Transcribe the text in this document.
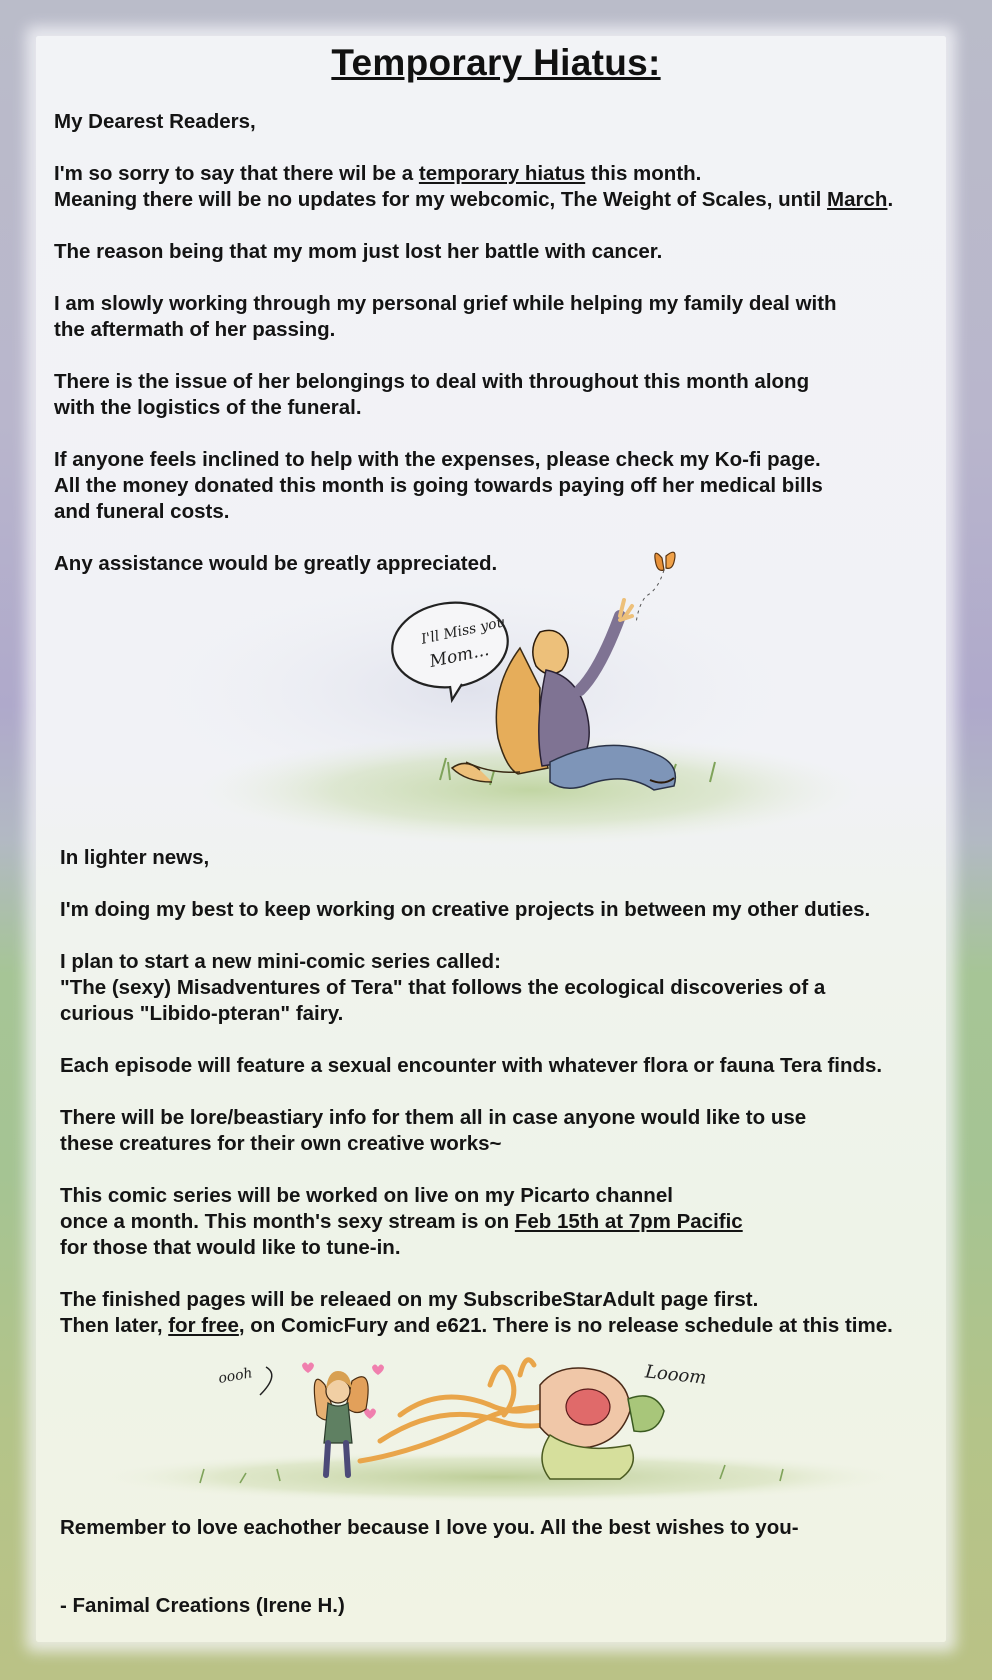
Temporary Hiatus:

My Dearest Readers,

I'm so sorry to say that there wil be a temporary hiatus this month.

Meaning there will be no updates for my webcomic, The Weight of Scales, until March.

The reason being that my mom just lost her battle with cancer.

I am slowly working through my personal grief while helping my family deal with

the aftermath of her passing.

There is the issue of her belongings to deal with throughout this month along

with the logistics of the funeral.

If anyone feels inclined to help with the expenses, please check my Ko-fi page.

All the money donated this month is going towards paying off her medical bills

and funeral costs.

Any assistance would be greatly appreciated.

I'll Miss you
Mom...

In lighter news,

I'm doing my best to keep working on creative projects in between my other duties.

I plan to start a new mini-comic series called:

"The (sexy) Misadventures of Tera" that follows the ecological discoveries of a

curious "Libido-pteran" fairy.

Each episode will feature a sexual encounter with whatever flora or fauna Tera finds.

There will be lore/beastiary info for them all in case anyone would like to use

these creatures for their own creative works~

This comic series will be worked on live on my Picarto channel

once a month. This month's sexy stream is on Feb 15th at 7pm Pacific

for those that would like to tune-in.

The finished pages will be releaed on my SubscribeStarAdult page first.

Then later, for free, on ComicFury and e621. There is no release schedule at this time.

oooh	Looom

Remember to love eachother because I love you. All the best wishes to you-

- Fanimal Creations (Irene H.)
